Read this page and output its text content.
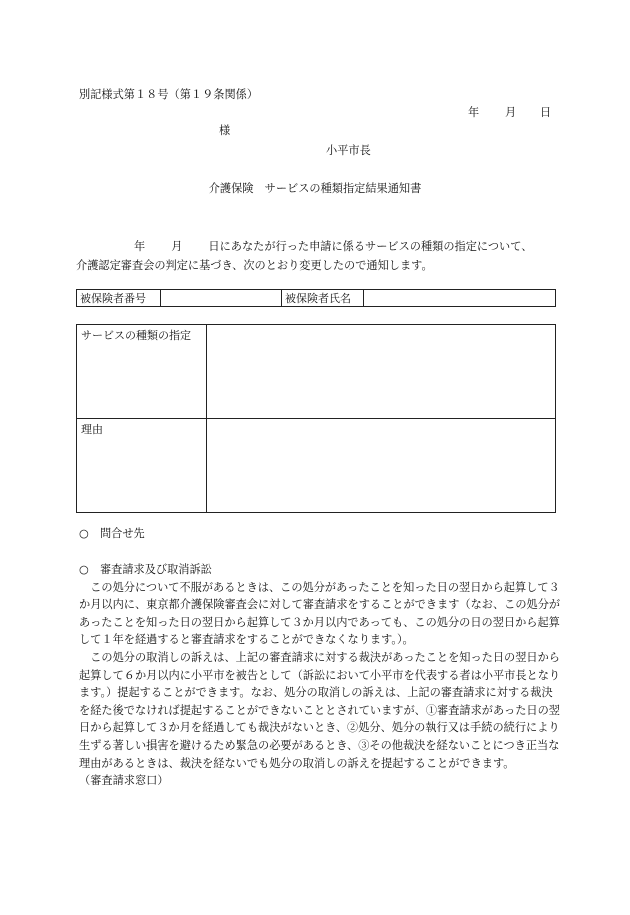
別記様式第１８号（第１９条関係）
年 月 日
様
小平市長
介護保険　サービスの種類指定結果通知書
年 月 日にあなたが行った申請に係るサービスの種類の指定について、
介護認定審査会の判定に基づき、次のとおり変更したので通知します。
被保険者番号		被保険者氏名	
サービスの種類の指定	
理由	
○　問合せ先
○　審査請求及び取消訴訟

この処分について不服があるときは、この処分があったことを知った日の翌日から起算して３か月以内に、東京都介護保険審査会に対して審査請求をすることができます（なお、この処分があったことを知った日の翌日から起算して３か月以内であっても、この処分の日の翌日から起算して１年を経過すると審査請求をすることができなくなります。）。

この処分の取消しの訴えは、上記の審査請求に対する裁決があったことを知った日の翌日から起算して６か月以内に小平市を被告として（訴訟において小平市を代表する者は小平市長となります。）提起することができます。なお、処分の取消しの訴えは、上記の審査請求に対する裁決を経た後でなければ提起することができないこととされていますが、①審査請求があった日の翌日から起算して３か月を経過しても裁決がないとき、②処分、処分の執行又は手続の続行により生ずる著しい損害を避けるため緊急の必要があるとき、③その他裁決を経ないことにつき正当な理由があるときは、裁決を経ないでも処分の取消しの訴えを提起することができます。

（審査請求窓口）
